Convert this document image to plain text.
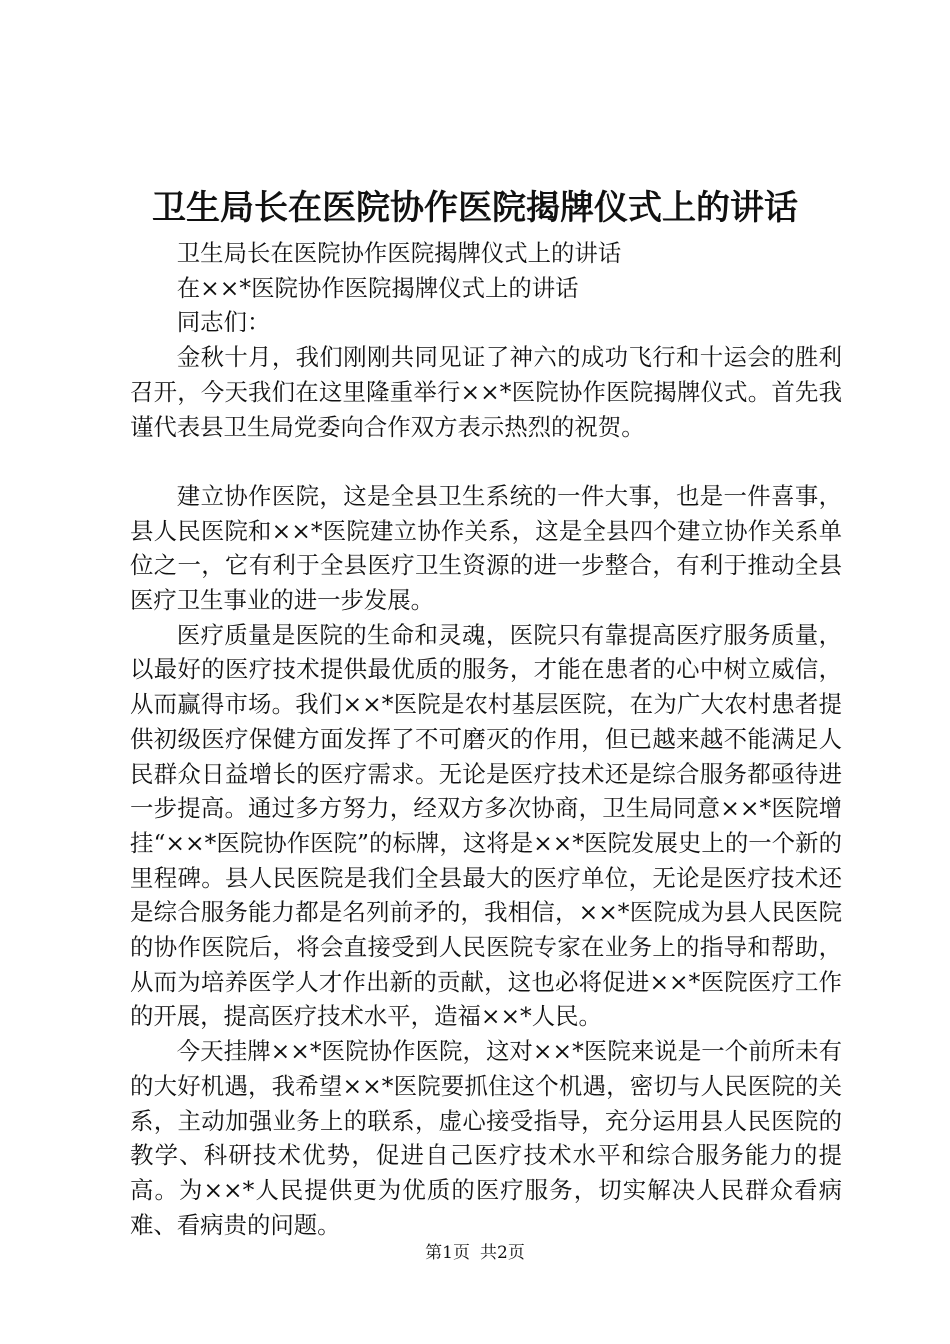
卫生局长在医院协作医院揭牌仪式上的讲话

卫生局长在医院协作医院揭牌仪式上的讲话

在××*医院协作医院揭牌仪式上的讲话

同志们：

金秋十月，我们刚刚共同见证了神六的成功飞行和十运会的胜利召开，今天我们在这里隆重举行××*医院协作医院揭牌仪式。首先我谨代表县卫生局党委向合作双方表示热烈的祝贺。

建立协作医院，这是全县卫生系统的一件大事，也是一件喜事，县人民医院和××*医院建立协作关系，这是全县四个建立协作关系单位之一，它有利于全县医疗卫生资源的进一步整合，有利于推动全县医疗卫生事业的进一步发展。

医疗质量是医院的生命和灵魂，医院只有靠提高医疗服务质量，以最好的医疗技术提供最优质的服务，才能在患者的心中树立威信，从而赢得市场。我们××*医院是农村基层医院，在为广大农村患者提供初级医疗保健方面发挥了不可磨灭的作用，但已越来越不能满足人民群众日益增长的医疗需求。无论是医疗技术还是综合服务都亟待进一步提高。通过多方努力，经双方多次协商，卫生局同意××*医院增挂“××*医院协作医院”的标牌，这将是××*医院发展史上的一个新的里程碑。县人民医院是我们全县最大的医疗单位，无论是医疗技术还是综合服务能力都是名列前矛的，我相信，××*医院成为县人民医院的协作医院后，将会直接受到人民医院专家在业务上的指导和帮助，从而为培养医学人才作出新的贡献，这也必将促进××*医院医疗工作的开展，提高医疗技术水平，造福××*人民。

今天挂牌××*医院协作医院，这对××*医院来说是一个前所未有的大好机遇，我希望××*医院要抓住这个机遇，密切与人民医院的关系，主动加强业务上的联系，虚心接受指导，充分运用县人民医院的教学、科研技术优势，促进自己医疗技术水平和综合服务能力的提高。为××*人民提供更为优质的医疗服务，切实解决人民群众看病难、看病贵的问题。

第1页 共2页
